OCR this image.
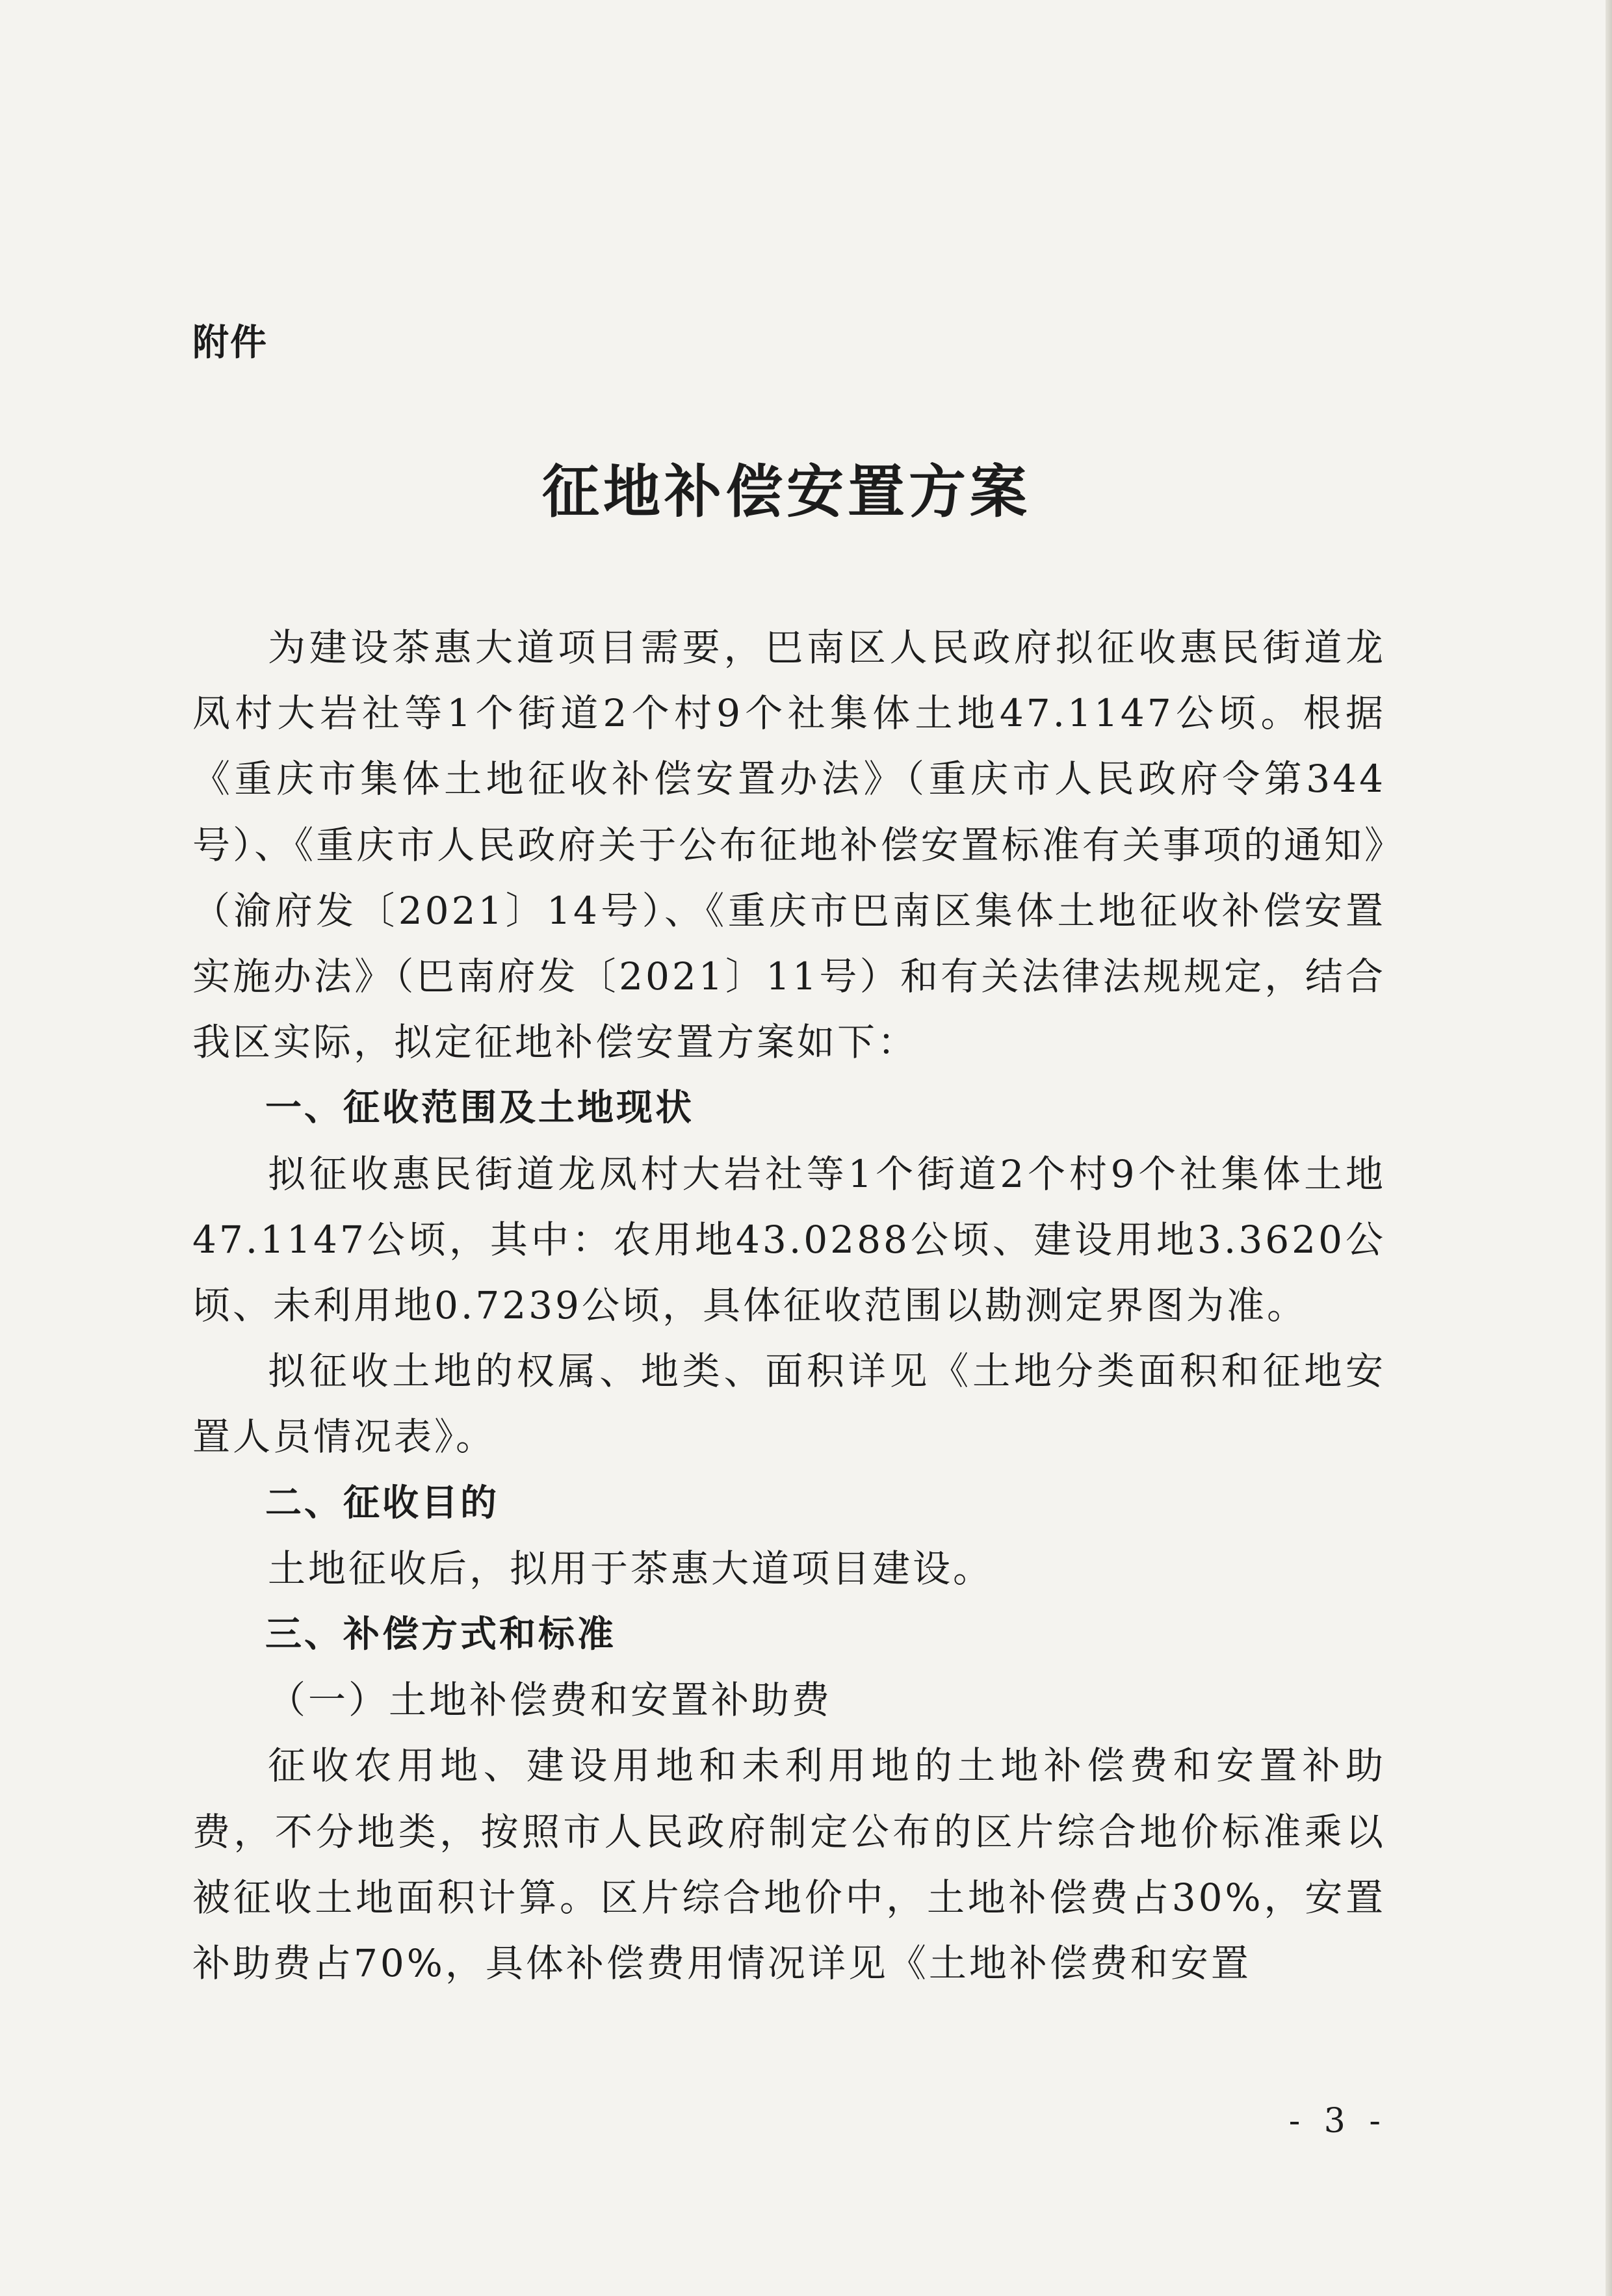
附件
征地补偿安置方案

为建设茶惠大道项目需要，巴南区人民政府拟征收惠民街道龙凤村大岩社等1个街道2个村9个社集体土地47.1147公顷。根据《重庆市集体土地征收补偿安置办法》（重庆市人民政府令第344号）、《重庆市人民政府关于公布征地补偿安置标准有关事项的通知》（渝府发〔2021〕14号）、《重庆市巴南区集体土地征收补偿安置实施办法》（巴南府发〔2021〕11号）和有关法律法规规定，结合我区实际，拟定征地补偿安置方案如下：

一、征收范围及土地现状

拟征收惠民街道龙凤村大岩社等1个街道2个村9个社集体土地47.1147公顷，其中：农用地43.0288公顷、建设用地3.3620公顷、未利用地0.7239公顷，具体征收范围以勘测定界图为准。

拟征收土地的权属、地类、面积详见《土地分类面积和征地安置人员情况表》。

二、征收目的

土地征收后，拟用于茶惠大道项目建设。

三、补偿方式和标准
（一）土地补偿费和安置补助费

征收农用地、建设用地和未利用地的土地补偿费和安置补助费，不分地类，按照市人民政府制定公布的区片综合地价标准乘以被征收土地面积计算。区片综合地价中，土地补偿费占30%，安置补助费占70%，具体补偿费用情况详见《土地补偿费和安置

- 3 -
